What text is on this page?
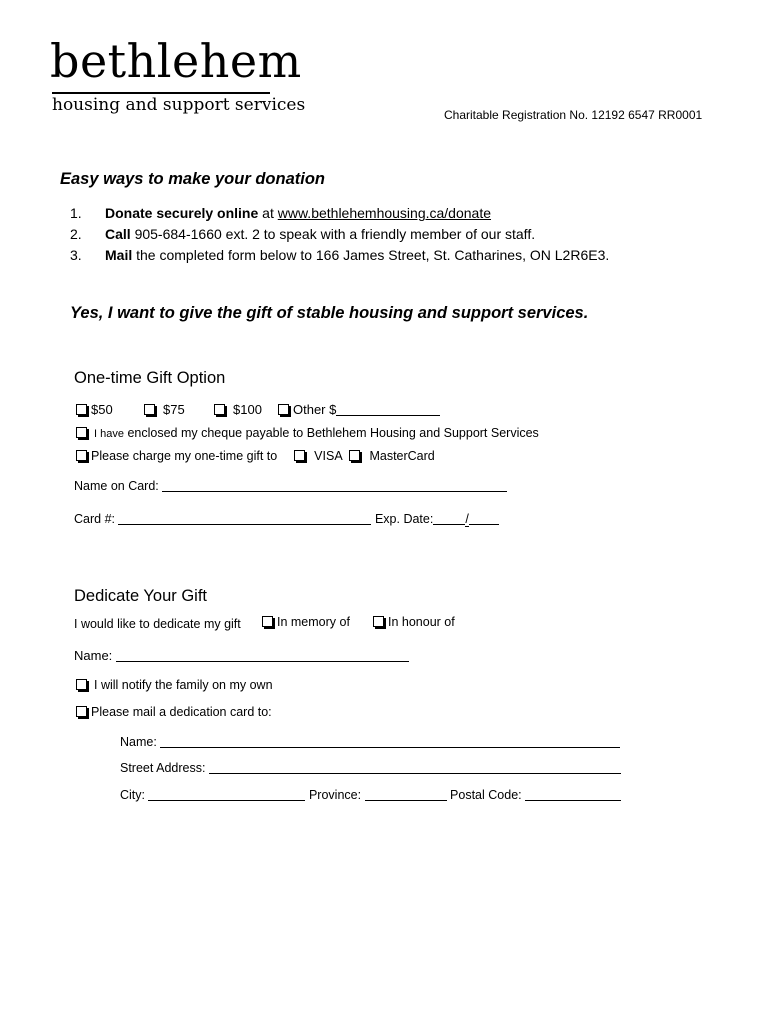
bethlehem
housing and support services	Charitable Registration No. 12192 6547 RR0001
Easy ways to make your donation
1.	Donate securely online at www.bethlehemhousing.ca/donate
2.	Call 905-684-1660 ext. 2 to speak with a friendly member of our staff.
3.	Mail the completed form below to 166 James Street, St. Catharines, ON L2R6E3.
Yes, I want to give the gift of stable housing and support services.
One-time Gift Option
$50	$75	$100	Other $
I have enclosed my cheque payable to Bethlehem Housing and Support Services
Please charge my one-time gift to	VISA MasterCard
Name on Card:
Card #:	Exp. Date:	/
Dedicate Your Gift
I would like to dedicate my gift	In memory of	In honour of
Name:
I will notify the family on my own
Please mail a dedication card to:
Name:
Street Address:
City:	Province:	Postal Code:
